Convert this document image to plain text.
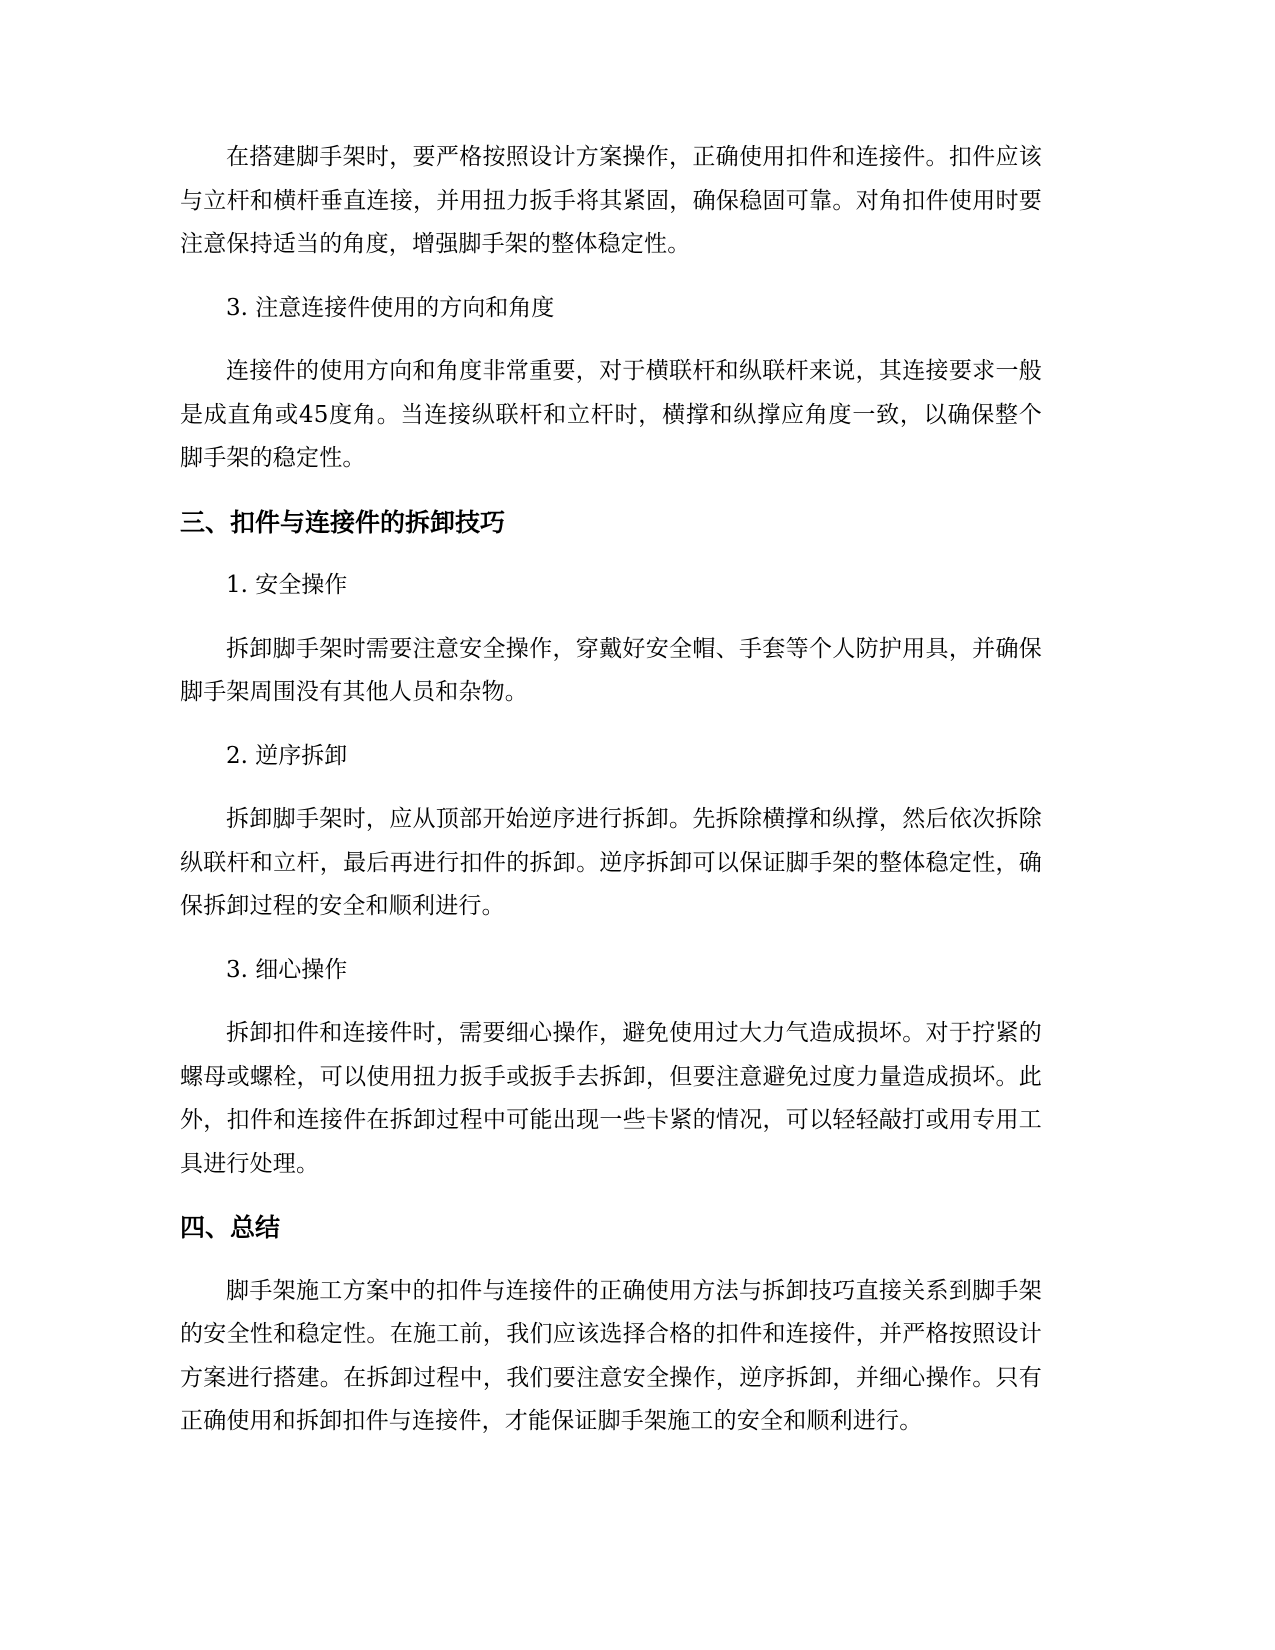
在搭建脚手架时，要严格按照设计方案操作，正确使用扣件和连接件。扣件应该与立杆和横杆垂直连接，并用扭力扳手将其紧固，确保稳固可靠。对角扣件使用时要注意保持适当的角度，增强脚手架的整体稳定性。

3. 注意连接件使用的方向和角度

连接件的使用方向和角度非常重要，对于横联杆和纵联杆来说，其连接要求一般是成直角或45度角。当连接纵联杆和立杆时，横撑和纵撑应角度一致，以确保整个脚手架的稳定性。

三、扣件与连接件的拆卸技巧

1. 安全操作

拆卸脚手架时需要注意安全操作，穿戴好安全帽、手套等个人防护用具，并确保脚手架周围没有其他人员和杂物。

2. 逆序拆卸

拆卸脚手架时，应从顶部开始逆序进行拆卸。先拆除横撑和纵撑，然后依次拆除纵联杆和立杆，最后再进行扣件的拆卸。逆序拆卸可以保证脚手架的整体稳定性，确保拆卸过程的安全和顺利进行。

3. 细心操作

拆卸扣件和连接件时，需要细心操作，避免使用过大力气造成损坏。对于拧紧的螺母或螺栓，可以使用扭力扳手或扳手去拆卸，但要注意避免过度力量造成损坏。此外，扣件和连接件在拆卸过程中可能出现一些卡紧的情况，可以轻轻敲打或用专用工具进行处理。

四、总结

脚手架施工方案中的扣件与连接件的正确使用方法与拆卸技巧直接关系到脚手架的安全性和稳定性。在施工前，我们应该选择合格的扣件和连接件，并严格按照设计方案进行搭建。在拆卸过程中，我们要注意安全操作，逆序拆卸，并细心操作。只有正确使用和拆卸扣件与连接件，才能保证脚手架施工的安全和顺利进行。
